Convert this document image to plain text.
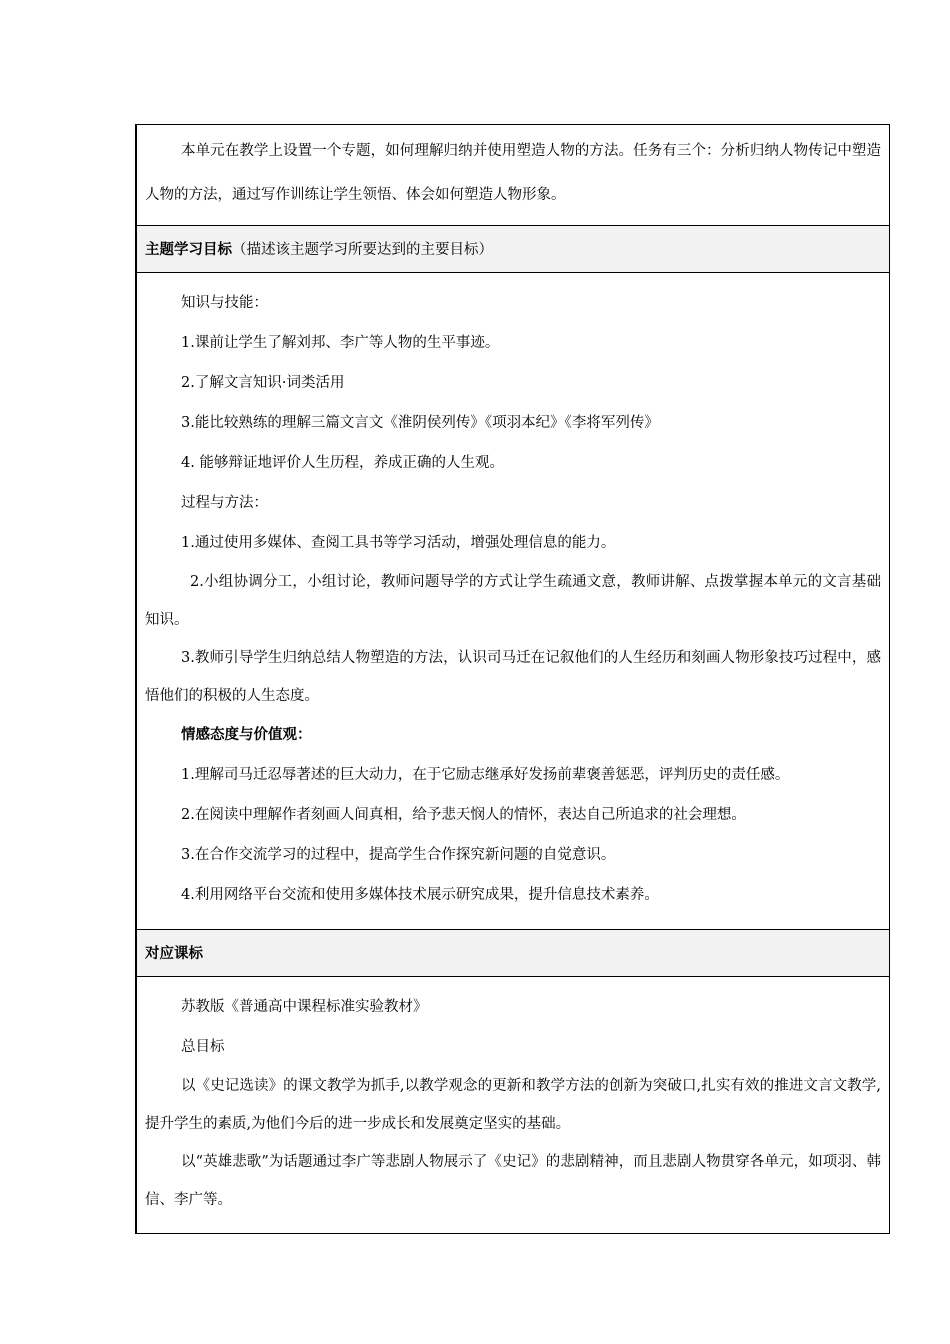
本单元在教学上设置一个专题，如何理解归纳并使用塑造人物的方法。任务有三个：分析归纳人物传记中塑造人物的方法，通过写作训练让学生领悟、体会如何塑造人物形象。

主题学习目标（描述该主题学习所要达到的主要目标）

知识与技能：

1.课前让学生了解刘邦、李广等人物的生平事迹。

2.了解文言知识·词类活用

3.能比较熟练的理解三篇文言文《淮阴侯列传》《项羽本纪》《李将军列传》

4. 能够辩证地评价人生历程，养成正确的人生观。

过程与方法：

1.通过使用多媒体、查阅工具书等学习活动，增强处理信息的能力。

2.小组协调分工，小组讨论，教师问题导学的方式让学生疏通文意，教师讲解、点拨掌握本单元的文言基础知识。

3.教师引导学生归纳总结人物塑造的方法，认识司马迁在记叙他们的人生经历和刻画人物形象技巧过程中，感悟他们的积极的人生态度。

情感态度与价值观：

1.理解司马迁忍辱著述的巨大动力，在于它励志继承好发扬前辈褒善惩恶，评判历史的责任感。

2.在阅读中理解作者刻画人间真相，给予悲天悯人的情怀，表达自己所追求的社会理想。

3.在合作交流学习的过程中，提高学生合作探究新问题的自觉意识。

4.利用网络平台交流和使用多媒体技术展示研究成果，提升信息技术素养。

对应课标

苏教版《普通高中课程标准实验教材》

总目标

以《史记选读》的课文教学为抓手,以教学观念的更新和教学方法的创新为突破口,扎实有效的推进文言文教学,提升学生的素质,为他们今后的进一步成长和发展奠定坚实的基础。

以“英雄悲歌”为话题通过李广等悲剧人物展示了《史记》的悲剧精神，而且悲剧人物贯穿各单元，如项羽、韩信、李广等。
